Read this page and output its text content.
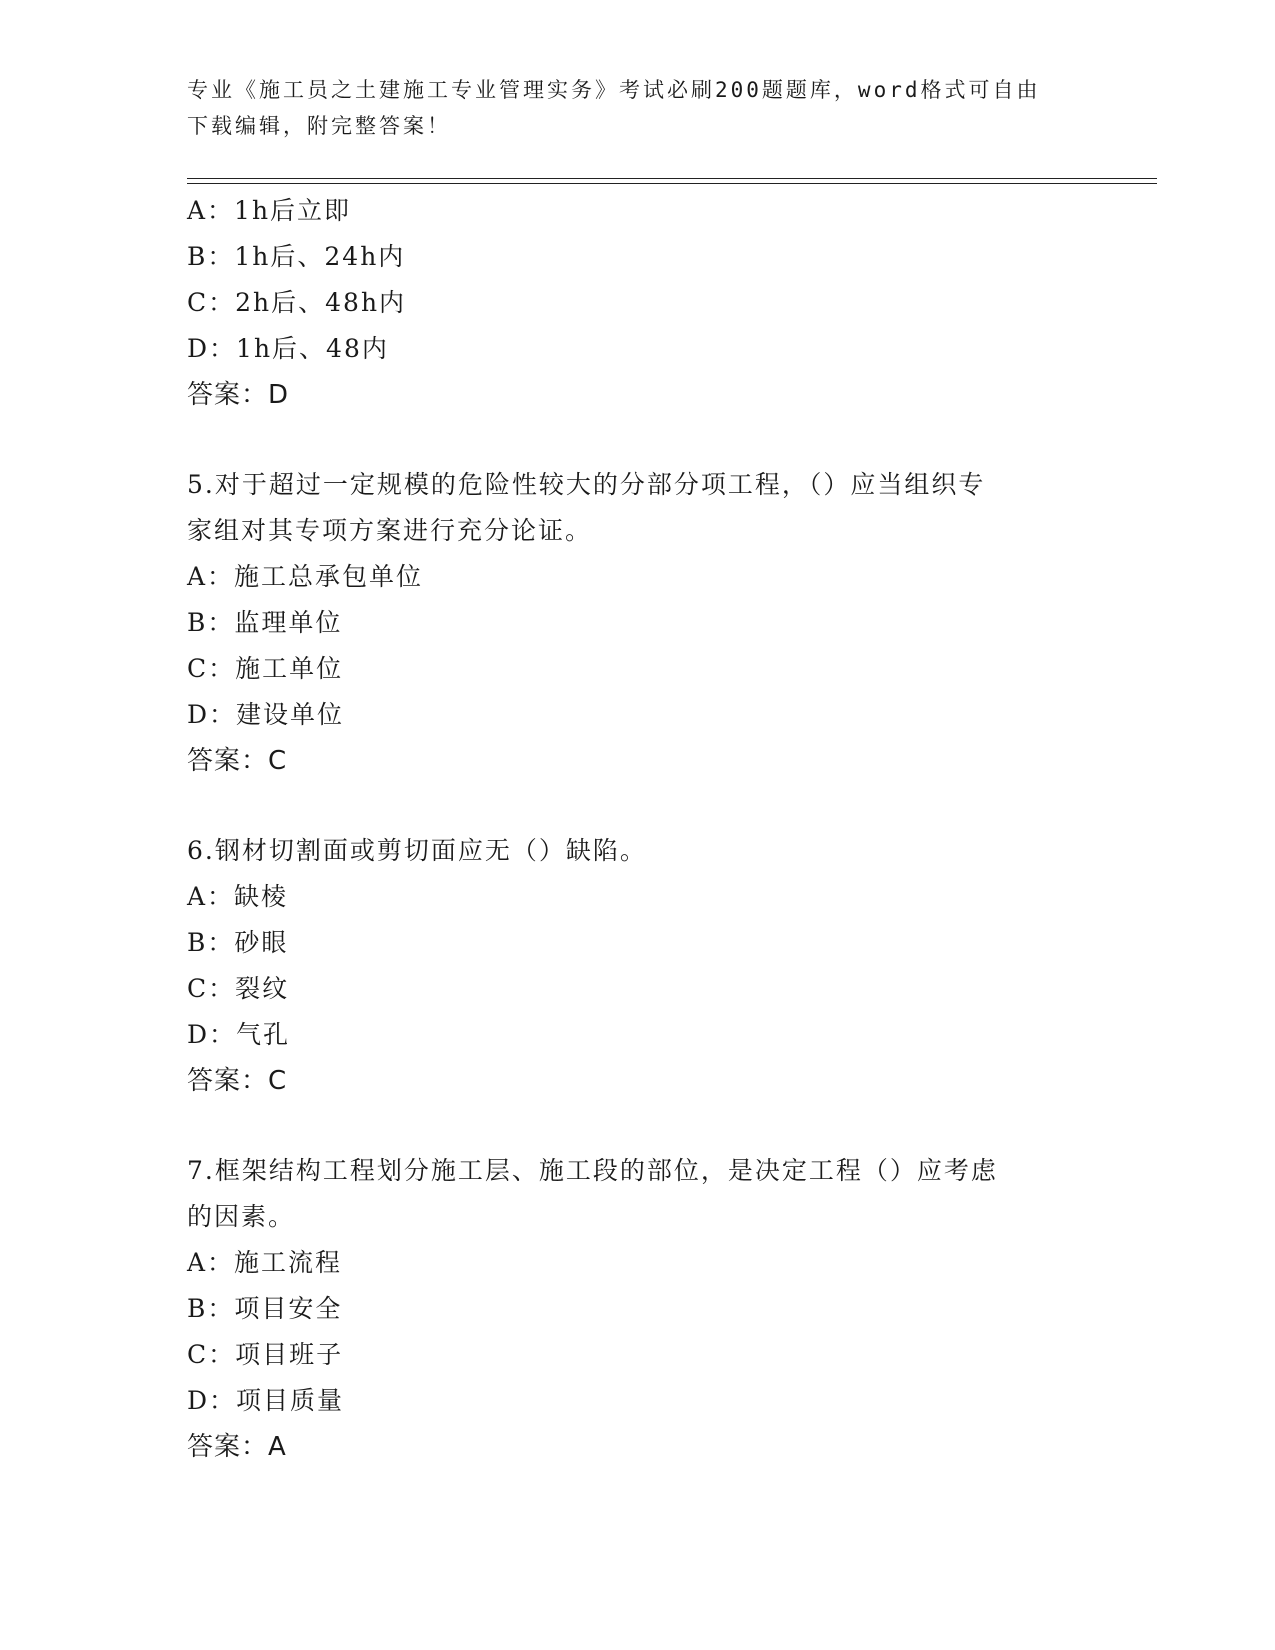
专业《施工员之土建施工专业管理实务》考试必刷200题题库，word格式可自由
下载编辑，附完整答案！
A：1h后立即
B：1h后、24h内
C：2h后、48h内
D：1h后、48内
答案：D
5.对于超过一定规模的危险性较大的分部分项工程，（）应当组织专
家组对其专项方案进行充分论证。
A：施工总承包单位
B：监理单位
C：施工单位
D：建设单位
答案：C
6.钢材切割面或剪切面应无（）缺陷。
A：缺棱
B：砂眼
C：裂纹
D：气孔
答案：C
7.框架结构工程划分施工层、施工段的部位，是决定工程（）应考虑
的因素。
A：施工流程
B：项目安全
C：项目班子
D：项目质量
答案：A
